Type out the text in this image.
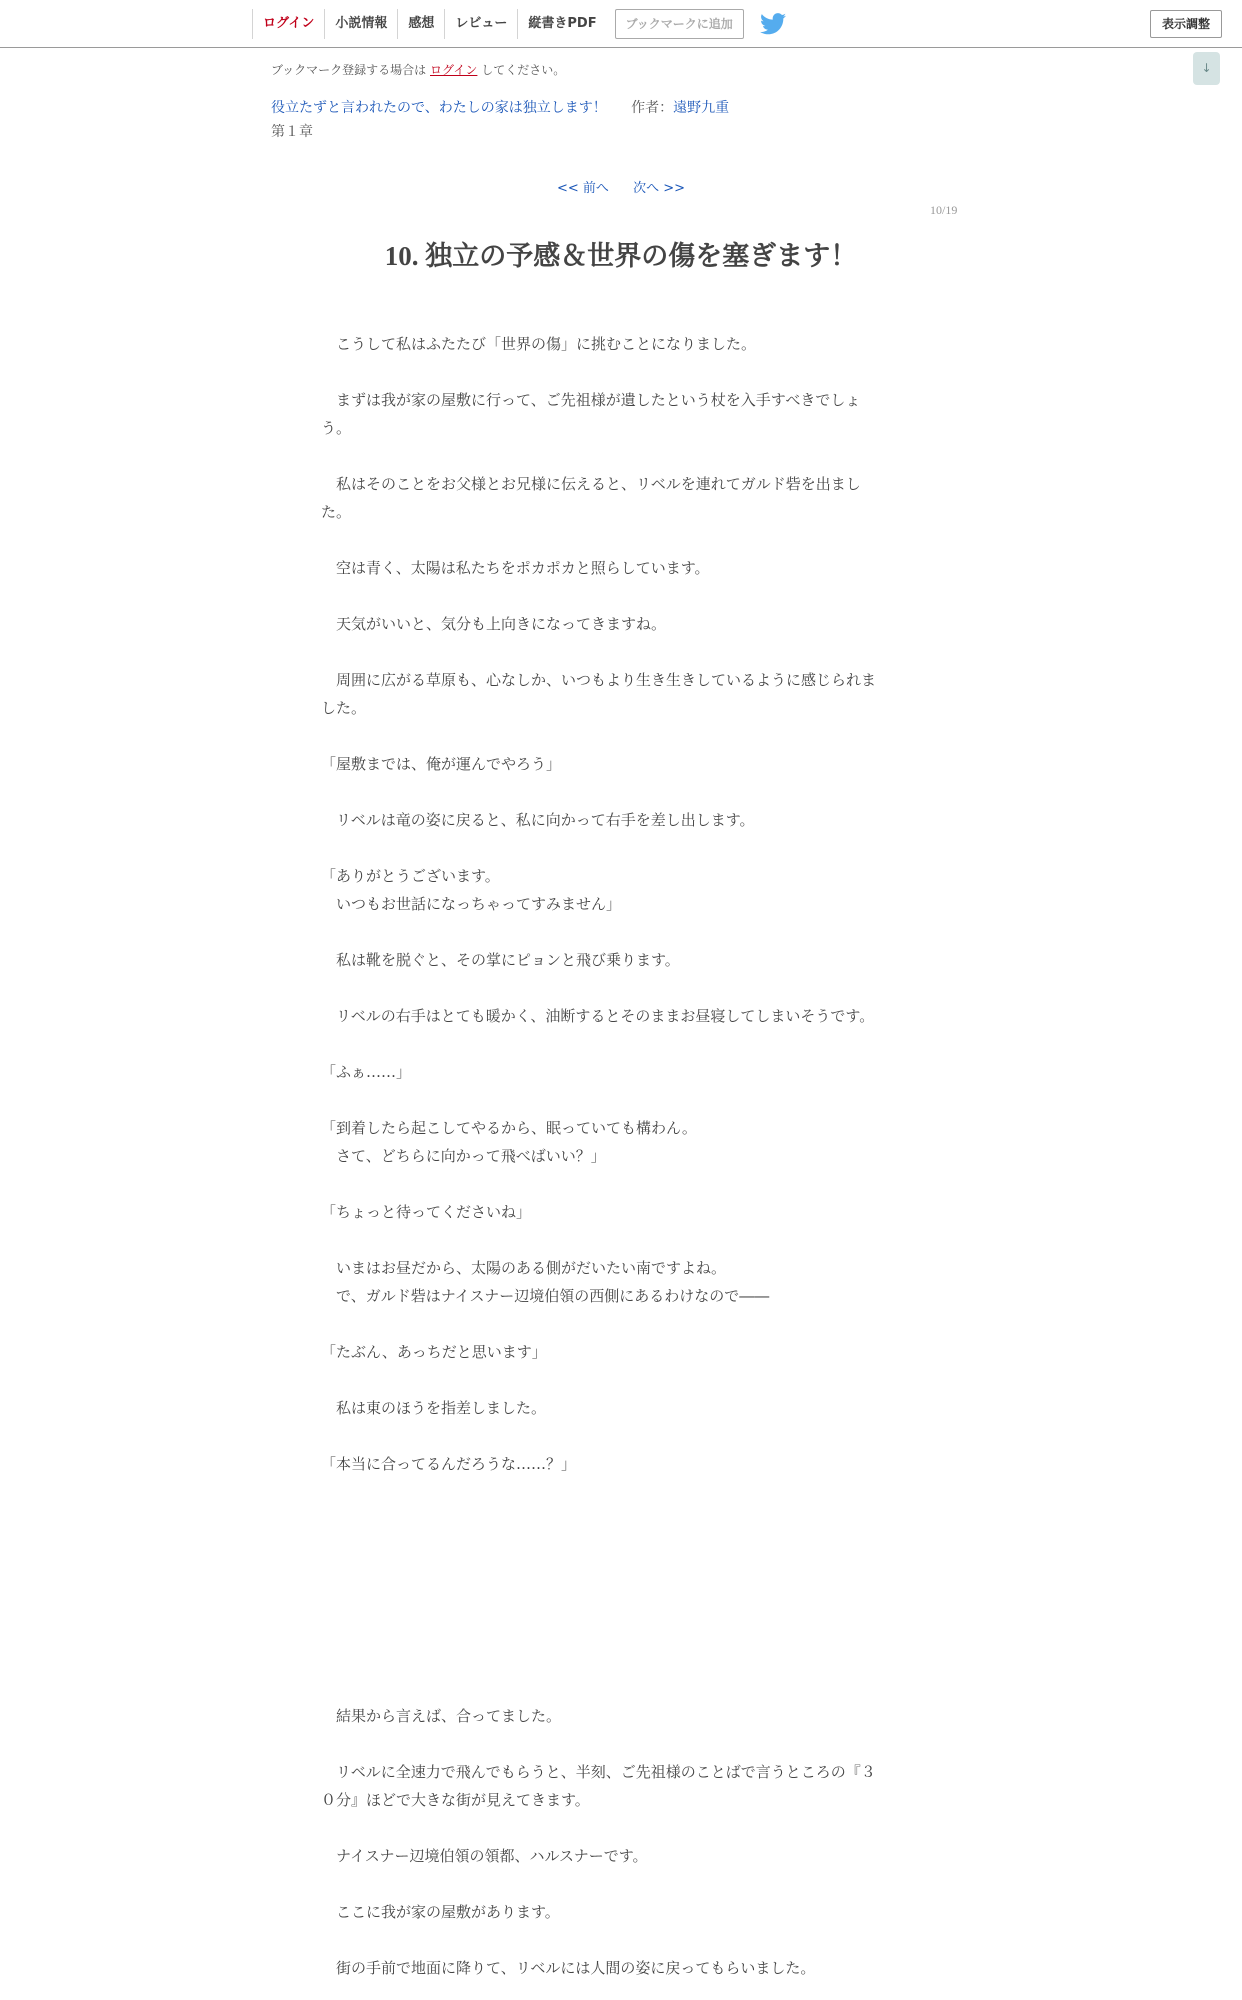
ログイン	小説情報	感想	レビュー	縦書きPDF	ブックマークに追加	表示調整
↓
ブックマーク登録する場合は ログイン してください。
役立たずと言われたので、わたしの家は独立します！ 作者：遠野九重
第１章
<< 前へ 次へ >>
10/19
10. 独立の予感＆世界の傷を塞ぎます！

　こうして私はふたたび「世界の傷」に挑むことになりました。

　まずは我が家の屋敷に行って、ご先祖様が遺したという杖を入手すべきでしょ

う。

　私はそのことをお父様とお兄様に伝えると、リベルを連れてガルド砦を出まし

た。

　空は青く、太陽は私たちをポカポカと照らしています。

　天気がいいと、気分も上向きになってきますね。

　周囲に広がる草原も、心なしか、いつもより生き生きしているように感じられま

した。

「屋敷までは、俺が運んでやろう」

　リベルは竜の姿に戻ると、私に向かって右手を差し出します。

「ありがとうございます。

　いつもお世話になっちゃってすみません」

　私は靴を脱ぐと、その掌にピョンと飛び乗ります。

　リベルの右手はとても暖かく、油断するとそのままお昼寝してしまいそうです。

「ふぁ……」

「到着したら起こしてやるから、眠っていても構わん。

　さて、どちらに向かって飛べばいい？」

「ちょっと待ってくださいね」

　いまはお昼だから、太陽のある側がだいたい南ですよね。

　で、ガルド砦はナイスナー辺境伯領の西側にあるわけなので――

「たぶん、あっちだと思います」

　私は東のほうを指差しました。

「本当に合ってるんだろうな……？」

　結果から言えば、合ってました。

　リベルに全速力で飛んでもらうと、半刻、ご先祖様のことばで言うところの『３

０分』ほどで大きな街が見えてきます。

　ナイスナー辺境伯領の領都、ハルスナーです。

　ここに我が家の屋敷があります。

　街の手前で地面に降りて、リベルには人間の姿に戻ってもらいました。
